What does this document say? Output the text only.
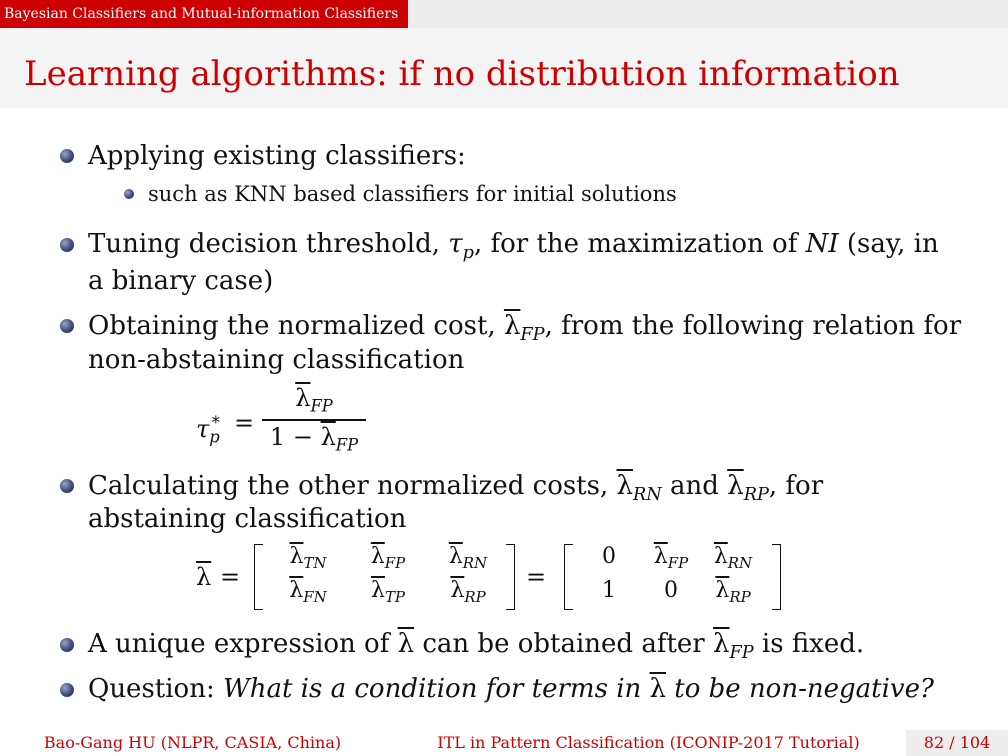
Bayesian Classifiers and Mutual-information Classifiers
Learning algorithms: if no distribution information
Applying existing classifiers:
such as KNN based classifiers for initial solutions
Tuning decision threshold, $\tau_p$, for the maximization of NI (say, in
a binary case)
Obtaining the normalized cost, $\overline{\lambda}_{FP}$, from the following relation for
non-abstaining classification
$\tau_p^*$ =
$\overline{\lambda}_{FP}$
$1 - \overline{\lambda}_{FP}$
Calculating the other normalized costs, $\overline{\lambda}_{RN}$ and $\overline{\lambda}_{RP}$, for
abstaining classification
$\overline{\lambda}$ =
$\overline{\lambda}_{TN}$	$\overline{\lambda}_{FP}$	$\overline{\lambda}_{RN}$
$\overline{\lambda}_{FN}$	$\overline{\lambda}_{TP}$	$\overline{\lambda}_{RP}$
=
0	$\overline{\lambda}_{FP}$	$\overline{\lambda}_{RN}$
1	0	$\overline{\lambda}_{RP}$
A unique expression of $\overline{\lambda}$ can be obtained after $\overline{\lambda}_{FP}$ is fixed.
Question: What is a condition for terms in $\overline{\lambda}$ to be non-negative?
Bao-Gang HU (NLPR, CASIA, China)	ITL in Pattern Classification (ICONIP-2017 Tutorial)	82 / 104
